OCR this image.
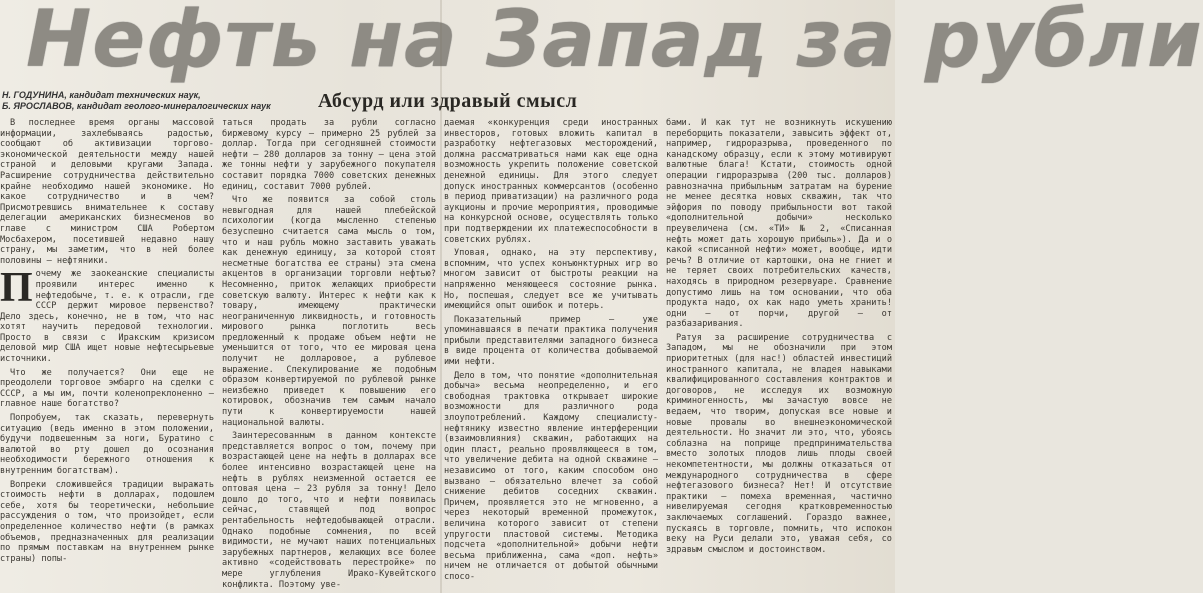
Нефть на Запад за рубли
Н. ГОДУНИНА, кандидат технических наук,
Б. ЯРОСЛАВОВ, кандидат геолого-минералогических наук	Абсурд или здравый смысл

В последнее время органы массовой информации, захлебываясь радостью, сообщают об активизации торгово-экономической деятельности между нашей страной и деловыми кругами Запада. Расширение сотрудничества действительно крайне необходимо нашей экономике. Но какое сотрудничество и в чем? Присмотревшись внимательнее к составу делегации американских бизнесменов во главе с министром США Робертом Мосбахером, посетившей недавно нашу страну, мы заметим, что в ней более половины — нефтяники.

Почему же заокеанские специалисты проявили интерес именно к нефтедобыче, т. е. к отрасли, где СССР держит мировое первенство? Дело здесь, конечно, не в том, что нас хотят научить передовой технологии. Просто в связи с Иракским кризисом деловой мир США ищет новые нефтесырьевые источники.

Что же получается? Они еще не преодолели торговое эмбарго на сделки с СССР, а мы им, почти коленопреклоненно — главное наше богатство?

Попробуем, так сказать, перевернуть ситуацию (ведь именно в этом положении, будучи подвешенным за ноги, Буратино с валютой во рту дошел до осознания необходимости бережного отношения к внутренним богатствам).

Вопреки сложившейся традиции выражать стоимость нефти в долларах, подошлем себе, хотя бы теоретически, небольшие рассуждения о том, что произойдет, если определенное количество нефти (в рамках объемов, предназначенных для реализации по прямым поставкам на внутреннем рынке страны) попы-

таться продать за рубли согласно биржевому курсу — примерно 25 рублей за доллар. Тогда при сегодняшней стоимости нефти — 280 долларов за тонну — цена этой же тонны нефти у зарубежного покупателя составит порядка 7000 советских денежных единиц, составит 7000 рублей.

Что же появится за собой столь невыгодная для нашей плебейской психологии (когда мысленно степенью безуспешно считается сама мысль о том, что и наш рубль можно заставить уважать как денежную единицу, за которой стоят несметные богатства ее страны) эта смена акцентов в организации торговли нефтью? Несомненно, приток желающих приобрести советскую валюту. Интерес к нефти как к товару, имеющему практически неограниченную ликвидность, и готовность мирового рынка поглотить весь предложенный к продаже объем нефти не уменьшится от того, что ее мировая цена получит не долларовое, а рублевое выражение. Спекулирование же подобным образом конвертируемой по рублевой рынке неизбежно приведет к повышению его котировок, обозначив тем самым начало пути к конвертируемости нашей национальной валюты.

Заинтересованным в данном контексте представляется вопрос о том, почему при возрастающей цене на нефть в долларах все более интенсивно возрастающей цене на нефть в рублях неизменной остается ее оптовая цена — 23 рубля за тонну! Дело дошло до того, что и нефти появилась сейчас, ставящей под вопрос рентабельность нефтедобывающей отрасли. Однако подобные сомнения, по всей видимости, не мучают наших потенциальных зарубежных партнеров, желающих все более активно «содействовать перестройке» по мере углубления Ирако-Кувейтского конфликта. Поэтому уве-

даемая «конкуренция среди иностранных инвесторов, готовых вложить капитал в разработку нефтегазовых месторождений, должна рассматриваться нами как еще одна возможность укрепить положение советской денежной единицы. Для этого следует допуск иностранных коммерсантов (особенно в период приватизации) на различного рода аукционы и прочие мероприятия, проводимые на конкурсной основе, осуществлять только при подтверждении их платежеспособности в советских рублях.

Уповая, однако, на эту перспективу, вспомним, что успех конъюнктурных игр во многом зависит от быстроты реакции на напряженно меняющееся состояние рынка. Но, поспешая, следует все же учитывать имеющийся опыт ошибок и потерь.

Показательный пример — уже упоминавшаяся в печати практика получения прибыли представителями западного бизнеса в виде процента от количества добываемой ими нефти.

Дело в том, что понятие «дополнительная добыча» весьма неопределенно, и его свободная трактовка открывает широкие возможности для различного рода злоупотреблений. Каждому специалисту-нефтянику известно явление интерференции (взаимовлияния) скважин, работающих на один пласт, реально проявляющееся в том, что увеличение дебита на одной скважине — независимо от того, каким способом оно вызвано — обязательно влечет за собой снижение дебитов соседних скважин. Причем, проявляется это не мгновенно, а через некоторый временной промежуток, величина которого зависит от степени упругости пластовой системы. Методика подсчета «дополнительной» добычи нефти весьма приближенна, сама «доп. нефть» ничем не отличается от добытой обычными спосо-

бами. И как тут не возникнуть искушению переборщить показатели, завысить эффект от, например, гидроразрыва, проведенного по канадскому образцу, если к этому мотивируют валютные блага! Кстати, стоимость одной операции гидроразрыва (200 тыс. долларов) равнозначна прибыльным затратам на бурение не менее десятка новых скважин, так что эйфория по поводу прибыльности вот такой «дополнительной добычи» несколько преувеличена (см. «ТИ» № 2, «Списанная нефть может дать хорошую прибыль»). Да и о какой «списанной нефти» может, вообще, идти речь? В отличие от картошки, она не гниет и не теряет своих потребительских качеств, находясь в природном резервуаре. Сравнение допустимо лишь на том основании, что оба продукта надо, ох как надо уметь хранить! одни — от порчи, другой — от разбазаривания.

Ратуя за расширение сотрудничества с Западом, мы не обозначили при этом приоритетных (для нас!) областей инвестиций иностранного капитала, не владея навыками квалифицированного составления контрактов и договоров, не исследуя их возможную криминогенность, мы зачастую вовсе не ведаем, что творим, допуская все новые и новые провалы во внешнеэкономической деятельности. Но значит ли это, что, убоясь соблазна на поприще предпринимательства вместо золотых плодов лишь плоды своей некомпетентности, мы должны отказаться от международного сотрудничества в сфере нефтегазового бизнеса? Нет! И отсутствие практики — помеха временная, частично нивелируемая сегодня кратковременностью заключаемых соглашений. Гораздо важнее, пускаясь в торговле, помнить, что испокон веку на Руси делали это, уважая себя, со здравым смыслом и достоинством.
